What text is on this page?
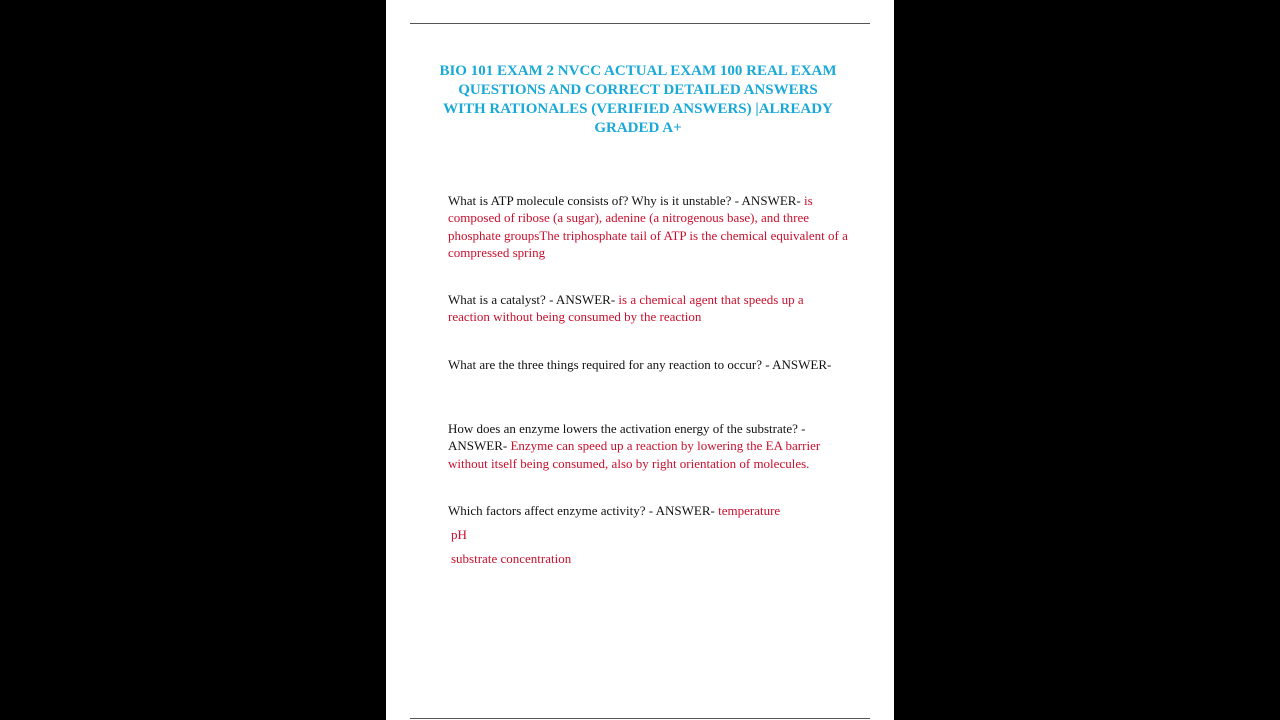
BIO 101 EXAM 2 NVCC ACTUAL EXAM 100 REAL EXAM QUESTIONS AND CORRECT DETAILED ANSWERS WITH RATIONALES (VERIFIED ANSWERS) |ALREADY GRADED A+

What is ATP molecule consists of? Why is it unstable? - ANSWER- is composed of ribose (a sugar), adenine (a nitrogenous base), and three phosphate groupsThe triphosphate tail of ATP is the chemical equivalent of a compressed spring

What is a catalyst? - ANSWER- is a chemical agent that speeds up a reaction without being consumed by the reaction

What are the three things required for any reaction to occur? - ANSWER-

How does an enzyme lowers the activation energy of the substrate? - ANSWER- Enzyme can speed up a reaction by lowering the EA barrier without itself being consumed, also by right orientation of molecules.

Which factors affect enzyme activity? - ANSWER- temperature

pH

substrate concentration
